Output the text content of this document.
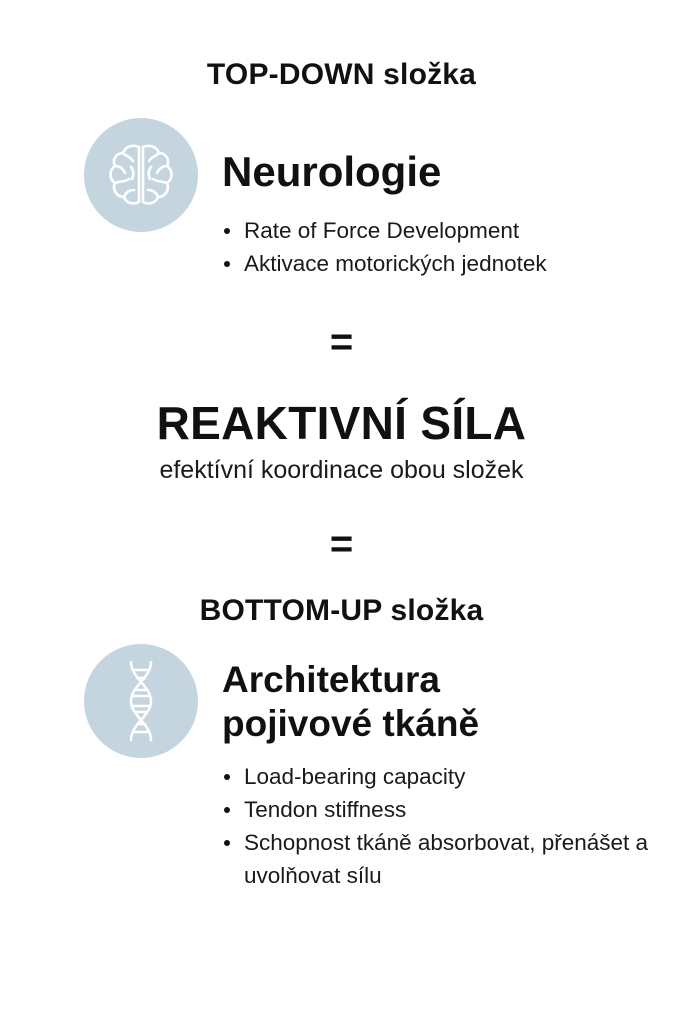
TOP-DOWN složka
Neurologie
Rate of Force Development
Aktivace motorických jednotek
=
REAKTIVNÍ SÍLA
efektívní koordinace obou složek
=
BOTTOM-UP složka
Architektura
pojivové tkáně
Load-bearing capacity
Tendon stiffness
Schopnost tkáně absorbovat, přenášet a uvolňovat sílu
